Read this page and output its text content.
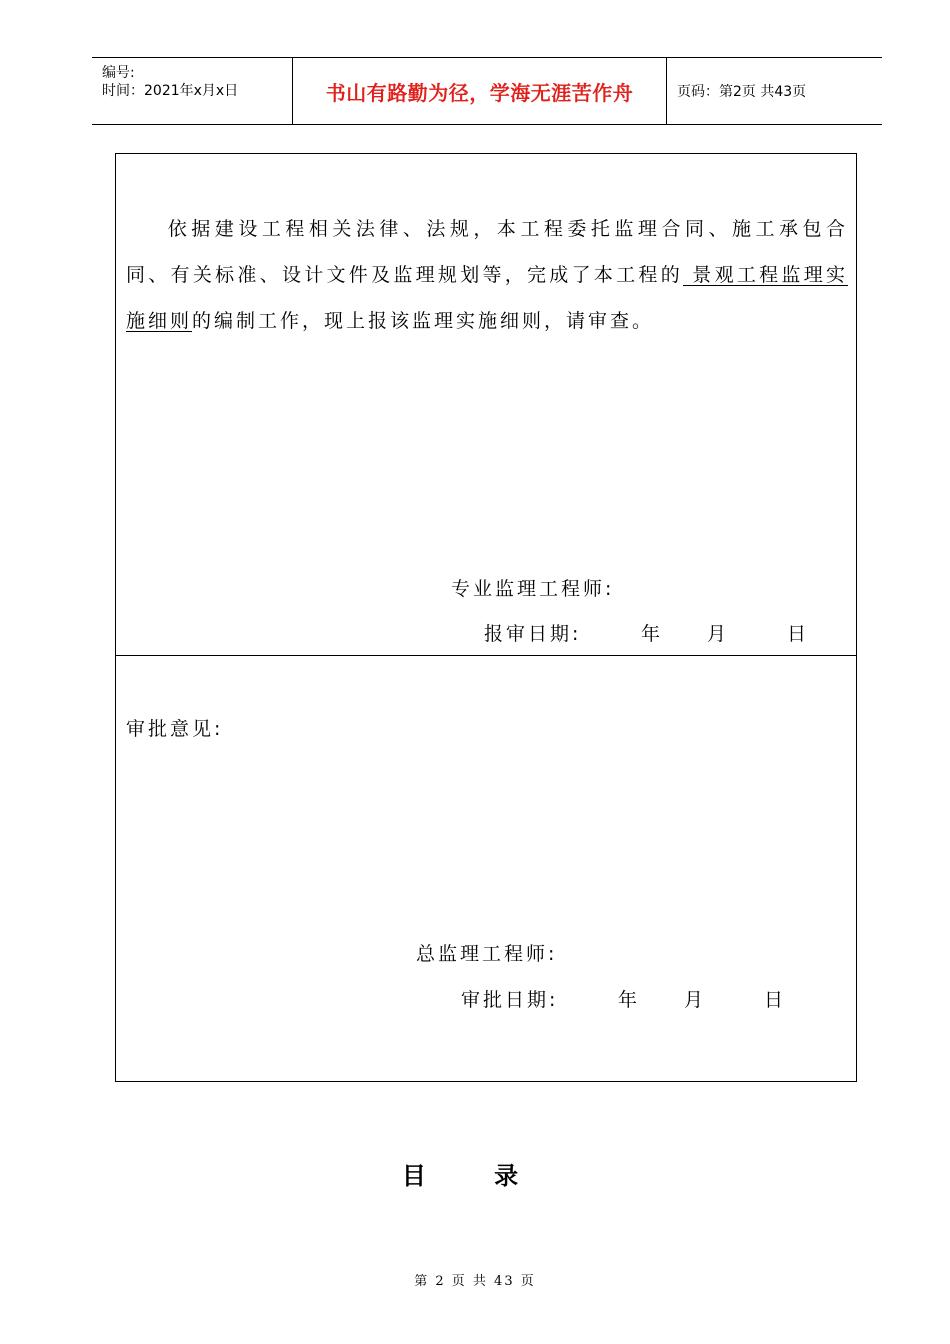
编号:
时间：2021年x月x日	书山有路勤为径，学海无涯苦作舟	页码：第2页 共43页
依据建设工程相关法律、法规，本工程委托监理合同、施工承包合同、有关标准、设计文件及监理规划等，完成了本工程的 景观工程监理实施细则的编制工作，现上报该监理实施细则，请审查。
专业监理工程师:
报审日期:	年 月	日
审批意见:
总监理工程师:
审批日期:	年 月	日
目 录
第 2 页 共 43 页
